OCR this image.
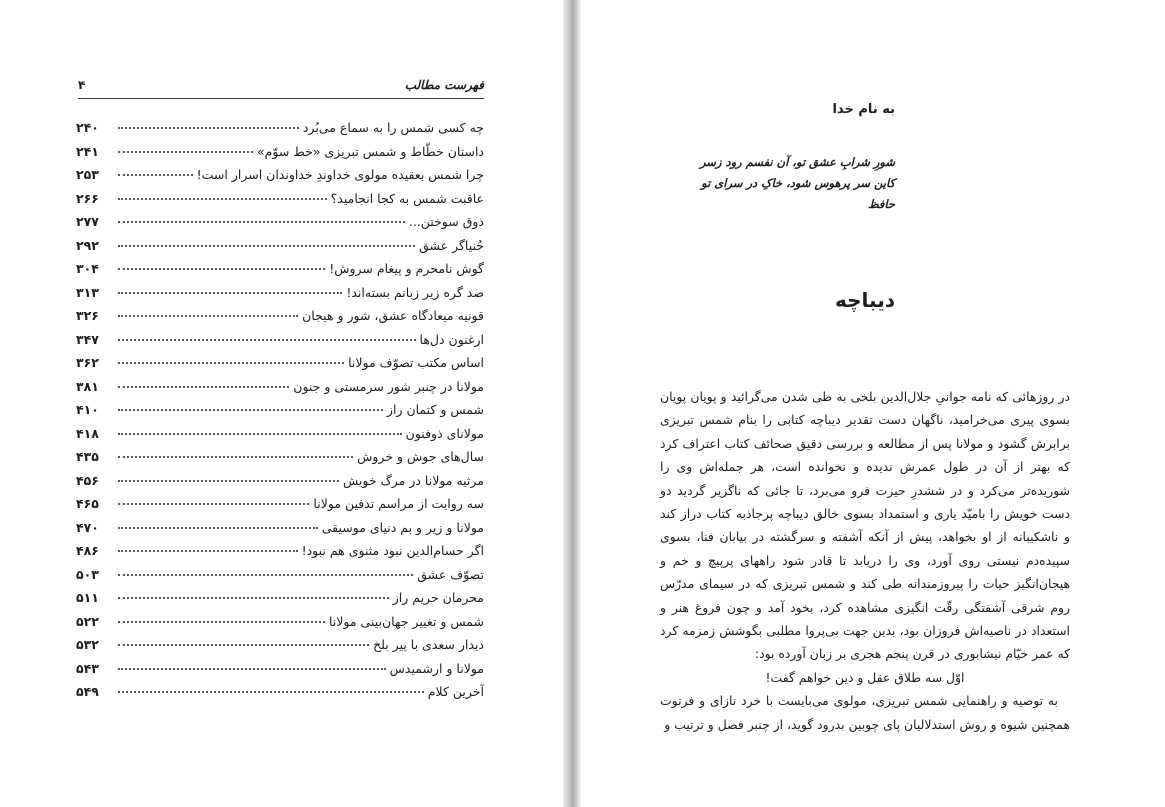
فهرست مطالب
۴
چه کسی شمس را به سماع می‌بُرد
۲۴۰
داستان خطّاط و شمس تبریزی «خط سوّم»
۲۴۱
چرا شمس بعقیده مولوی خداوندِ خداوندان اسرار است!
۲۵۳
عاقبت شمس به کجا انجامید؟
۲۶۶
ذوق سوختن...
۲۷۷
حُنیاگر عشق
۲۹۲
گوش نامحرم و پیغام سروش!
۳۰۴
صد گره زیر زبانم بسته‌اند!
۳۱۳
قونیه میعادگاه عشق، شور و هیجان
۳۲۶
ارغنون دل‌ها
۳۴۷
اساس مکتب تصوّف مولانا
۳۶۲
مولانا در چنبر شور سرمستی و جنون
۳۸۱
شمس و کتمان راز
۴۱۰
مولانای ذوفنون
۴۱۸
سال‌های جوش و خروش
۴۳۵
مرثیه مولانا در مرگ خویش
۴۵۶
سه روایت از مراسم تدفین مولانا
۴۶۵
مولانا و زیر و بم دنیای موسیقی
۴۷۰
اگر حسام‌الدین نبود مثنوی هم نبود!
۴۸۶
تصوّف عشق
۵۰۳
محرمان حریم راز
۵۱۱
شمس و تغییر جهان‌بینی مولانا
۵۲۲
دیدار سعدی با پیر بلخ
۵۳۲
مولانا و ارشمیدس
۵۴۳
آخرین کلام
۵۴۹
به نام خدا
شورِ شرابِ عشق تو، آن نفسم رود زسر
کاین سر پرهوس شود، خاکِ در سرای تو
حافظ
دیباچه

در روزهائی که نامه جوانیِ جلال‌الدین بلخی به طی شدن می‌گرائید و پویان پویان بسوی پیری می‌خرامید، ناگهان دست تقدیر دیباچه کتابی را بنام شمس تبریزی برابرش گشود و مولانا پس از مطالعه و بررسی دقیق صحائف کتاب اعتراف کرد که بهتر از آن در طول عمرش ندیده و نخوانده است، هر جمله‌اش وی را شوریده‌تر می‌کرد و در ششدرِ حیرت فرو می‌برد، تا جائی که ناگزیر گردید دو دست خویش را بامیّد یاری و استمداد بسوی خالق دیباچه پرجاذبه کتاب دراز کند و ناشکیبانه از او بخواهد، پیش از آنکه آشفته و سرگشته در بیابان فنا، بسوی سپیده‌دم نیستی روی آورد، وی را دریابد تا قادر شود راههای پرپیچ و خم و هیجان‌انگیز حیات را پیروزمندانه طی کند و شمس تبریزی که در سیمای مدرّس روم شرقی آشفتگی رقّت انگیزی مشاهده کرد، بخود آمد و چون فروغ هنر و استعداد در ناصیه‌اش فروزان بود، بدین جهت بی‌پروا مطلبی بگوشش زمزمه کرد که عمر خیّام نیشابوری در قرن پنجم هجری بر زبان آورده بود:

اوّل سه طلاق عقل و دین خواهم گفت!

به توصیه و راهنمایی شمس تبریزی، مولوی می‌بایست با خرد نازای و فرتوت همچنین شیوه و روش استدلالیان پای چوبین بدرود گوید، از چنبر فصل و ترتیب و
